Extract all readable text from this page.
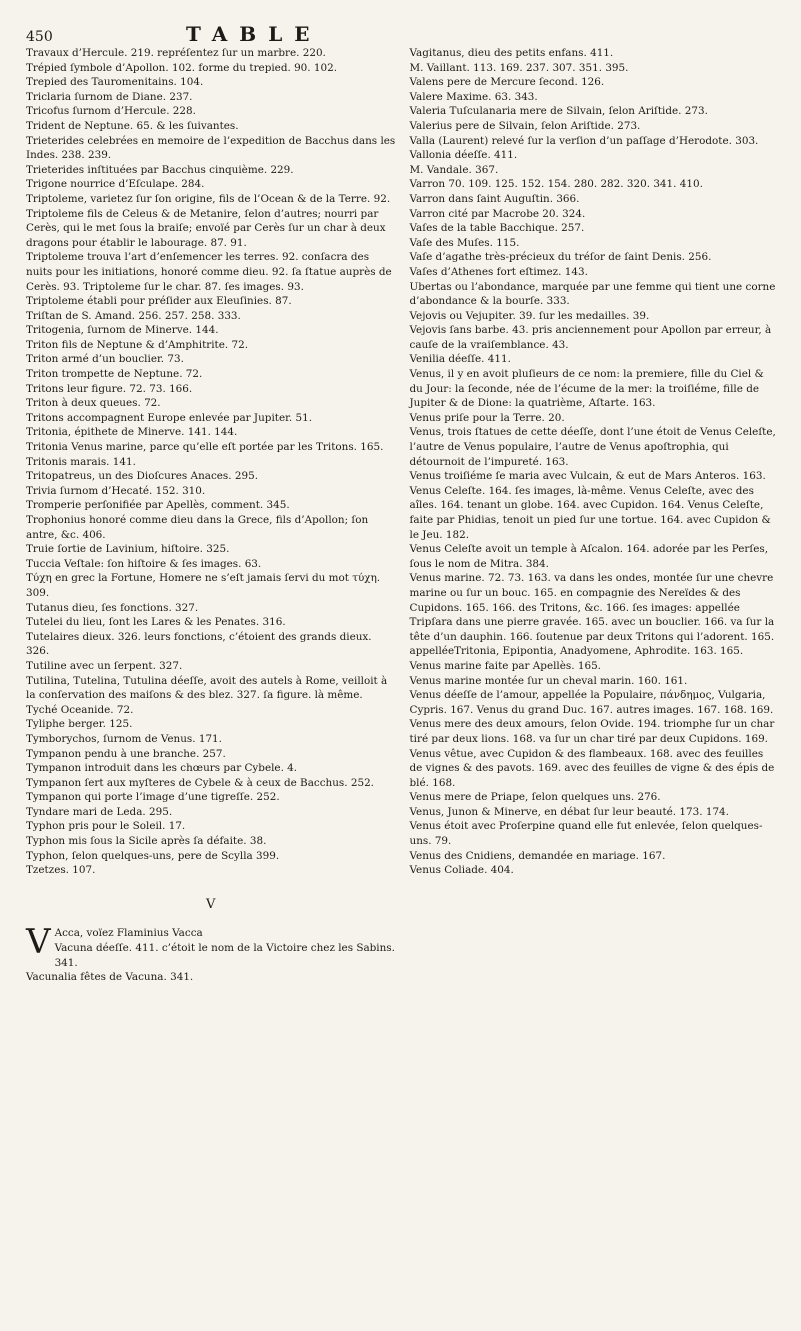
450	TABLE

Travaux d’Hercule. 219. repréſentez ſur un marbre. 220.

Trépied ſymbole d’Apollon. 102. forme du trepied. 90. 102.

Trepied des Tauromenitains. 104.

Triclaria ſurnom de Diane. 237.

Tricofus ſurnom d’Hercule. 228.

Trident de Neptune. 65. & les ſuivantes.

Trieterides celebrées en memoire de l’expedition de Bacchus dans les Indes. 238. 239.

Trieterides inſtituées par Bacchus cinquième. 229.

Trigone nourrice d’Eſculape. 284.

Triptoleme, varietez ſur ſon origine, fils de l’Ocean & de la Terre. 92. Triptoleme fils de Celeus & de Metanire, ſelon d’autres; nourri par Cerès, qui le met ſous la braiſe; envoïé par Cerès ſur un char à deux dragons pour établir le labourage. 87. 91.

Triptoleme trouva l’art d’enſemencer les terres. 92. conſacra des nuits pour les initiations, honoré comme dieu. 92. ſa ſtatue auprès de Cerès. 93. Triptoleme ſur le char. 87. ſes images. 93.

Triptoleme établi pour préſider aux Eleuſinies. 87.

Triſtan de S. Amand. 256. 257. 258. 333.

Tritogenia, ſurnom de Minerve. 144.

Triton fils de Neptune & d’Amphitrite. 72.

Triton armé d’un bouclier. 73.

Triton trompette de Neptune. 72.

Tritons leur figure. 72. 73. 166.

Triton à deux queues. 72.

Tritons accompagnent Europe enlevée par Jupiter. 51.

Tritonia, épithete de Minerve. 141. 144.

Tritonia Venus marine, parce qu’elle eſt portée par les Tritons. 165.

Tritonis marais. 141.

Tritopatreus, un des Dioſcures Anaces. 295.

Trivia ſurnom d’Hecaté. 152. 310.

Tromperie perſonifiée par Apellès, comment. 345.

Trophonius honoré comme dieu dans la Grece, fils d’Apollon; ſon antre, &c. 406.

Truie ſortie de Lavinium, hiſtoire. 325.

Tuccia Veſtale: ſon hiſtoire & ſes images. 63.

Τύχη en grec la Fortune, Homere ne s’eſt jamais ſervi du mot τύχη. 309.

Tutanus dieu, ſes fonctions. 327.

Tutelei du lieu, ſont les Lares & les Penates. 316.

Tutelaires dieux. 326. leurs fonctions, c’étoient des grands dieux. 326.

Tutiline avec un ſerpent. 327.

Tutilina, Tutelina, Tutulina déeſſe, avoit des autels à Rome, veilloit à la conſervation des maiſons & des blez. 327. ſa figure. là même.

Tyché Oceanide. 72.

Tyliphe berger. 125.

Tymborychos, ſurnom de Venus. 171.

Tympanon pendu à une branche. 257.

Tympanon introduit dans les chœurs par Cybele. 4.

Tympanon ſert aux myſteres de Cybele & à ceux de Bacchus. 252.

Tympanon qui porte l’image d’une tigreſſe. 252.

Tyndare mari de Leda. 295.

Typhon pris pour le Soleil. 17.

Typhon mis ſous la Sicile après ſa défaite. 38.

Typhon, ſelon quelques-uns, pere de Scylla 399.

Tzetzes. 107.

V

V Acca, voïez Flaminius Vacca

Vacuna déeſſe. 411. c’étoit le nom de la Victoire chez les Sabins. 341.

Vacunalia fêtes de Vacuna. 341.

Vagitanus, dieu des petits enfans. 411.

M. Vaillant. 113. 169. 237. 307. 351. 395.

Valens pere de Mercure ſecond. 126.

Valere Maxime. 63. 343.

Valeria Tuſculanaria mere de Silvain, ſelon Ariſtide. 273.

Valerius pere de Silvain, ſelon Ariſtide. 273.

Valla (Laurent) relevé ſur la verſion d’un paſſage d’Herodote. 303.

Vallonia déeſſe. 411.

M. Vandale. 367.

Varron 70. 109. 125. 152. 154. 280. 282. 320. 341. 410.

Varron dans ſaint Auguſtin. 366.

Varron cité par Macrobe 20. 324.

Vaſes de la table Bacchique. 257.

Vaſe des Muſes. 115.

Vaſe d’agathe très-précieux du tréſor de ſaint Denis. 256.

Vaſes d’Athenes fort eſtimez. 143.

Ubertas ou l’abondance, marquée par une femme qui tient une corne d’abondance & la bourſe. 333.

Vejovis ou Vejupiter. 39. ſur les medailles. 39.

Vejovis ſans barbe. 43. pris anciennement pour Apollon par erreur, à cauſe de la vraiſemblance. 43.

Venilia déeſſe. 411.

Venus, il y en avoit pluſieurs de ce nom: la premiere, fille du Ciel & du Jour: la ſeconde, née de l’écume de la mer: la troiſiéme, fille de Jupiter & de Dione: la quatrième, Aſtarte. 163.

Venus priſe pour la Terre. 20.

Venus, trois ſtatues de cette déeſſe, dont l’une étoit de Venus Celeſte, l’autre de Venus populaire, l’autre de Venus apoſtrophia, qui détournoit de l’impureté. 163.

Venus troiſiéme ſe maria avec Vulcain, & eut de Mars Anteros. 163.

Venus Celeſte. 164. ſes images, là-même. Venus Celeſte, avec des aîles. 164. tenant un globe. 164. avec Cupidon. 164. Venus Celeſte, faite par Phidias, tenoit un pied ſur une tortue. 164. avec Cupidon & le Jeu. 182.

Venus Celeſte avoit un temple à Aſcalon. 164. adorée par les Perſes, ſous le nom de Mitra. 384.

Venus marine. 72. 73. 163. va dans les ondes, montée ſur une chevre marine ou ſur un bouc. 165. en compagnie des Nereïdes & des Cupidons. 165. 166. des Tritons, &c. 166. ſes images: appellée Tripſara dans une pierre gravée. 165. avec un bouclier. 166. va ſur la tête d’un dauphin. 166. ſoutenue par deux Tritons qui l’adorent. 165. appelléeTritonia, Epipontia, Anadyomene, Aphrodite. 163. 165.

Venus marine faite par Apellès. 165.

Venus marine montée ſur un cheval marin. 160. 161.

Venus déeſſe de l’amour, appellée la Populaire, πάνδημος, Vulgaria, Cypris. 167. Venus du grand Duc. 167. autres images. 167. 168. 169.

Venus mere des deux amours, ſelon Ovide. 194. triomphe ſur un char tiré par deux lions. 168. va ſur un char tiré par deux Cupidons. 169.

Venus vêtue, avec Cupidon & des flambeaux. 168. avec des feuilles de vignes & des pavots. 169. avec des feuilles de vigne & des épis de blé. 168.

Venus mere de Priape, ſelon quelques uns. 276.

Venus, Junon & Minerve, en débat ſur leur beauté. 173. 174.

Venus étoit avec Proſerpine quand elle fut enlevée, ſelon quelques-uns. 79.

Venus des Cnidiens, demandée en mariage. 167.

Venus Coliade. 404.
